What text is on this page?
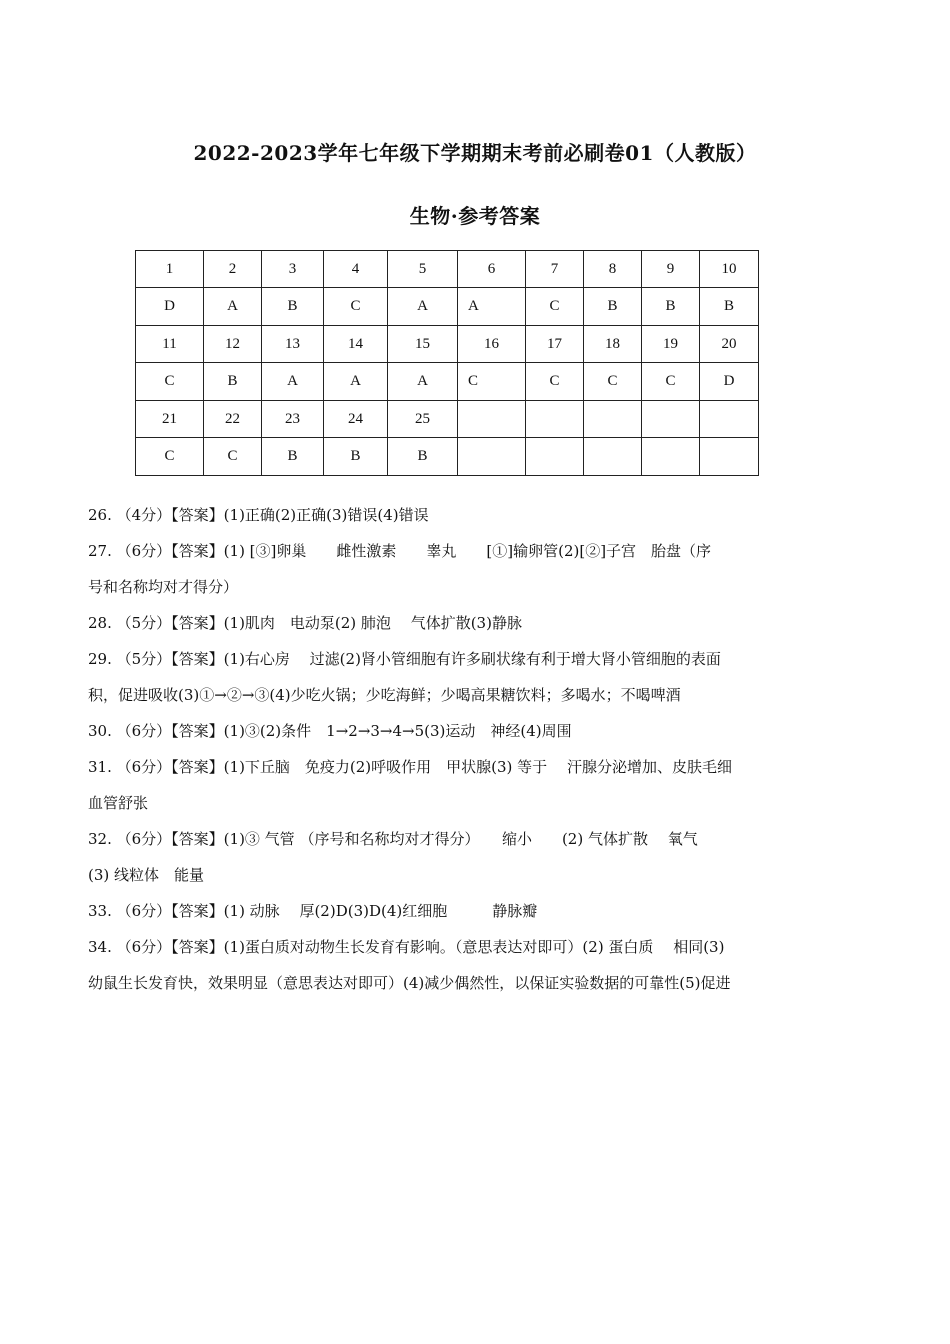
2022-2023学年七年级下学期期末考前必刷卷01（人教版）
生物·参考答案
1	2	3	4	5	6	7	8	9	10
D	A	B	C	A	A	C	B	B	B
11	12	13	14	15	16	17	18	19	20
C	B	A	A	A	C	C	C	C	D
21	22	23	24	25					
C	C	B	B	B					

26. （4分）【答案】(1)正确(2)正确(3)错误(4)错误

27. （6分）【答案】(1) [③]卵巢　　雌性激素　　睾丸　　[①]输卵管(2)[②]子宫　胎盘（序

号和名称均对才得分）

28. （5分）【答案】(1)肌肉　电动泵(2) 肺泡　 气体扩散(3)静脉

29. （5分）【答案】(1)右心房　 过滤(2)肾小管细胞有许多刷状缘有利于增大肾小管细胞的表面

积，促进吸收(3)①→②→③(4)少吃火锅；少吃海鲜；少喝高果糖饮料；多喝水；不喝啤酒

30. （6分）【答案】(1)③(2)条件　1→2→3→4→5(3)运动　神经(4)周围

31. （6分）【答案】(1)下丘脑　免疫力(2)呼吸作用　甲状腺(3) 等于　 汗腺分泌增加、皮肤毛细

血管舒张

32. （6分）【答案】(1)③ 气管 （序号和名称均对才得分）　　缩小　　(2) 气体扩散　 氧气

(3) 线粒体　能量

33. （6分）【答案】(1) 动脉　 厚(2)D(3)D(4)红细胞　　　静脉瓣

34. （6分）【答案】(1)蛋白质对动物生长发育有影响。（意思表达对即可）(2) 蛋白质　 相同(3)

幼鼠生长发育快，效果明显（意思表达对即可）(4)减少偶然性，以保证实验数据的可靠性(5)促进
